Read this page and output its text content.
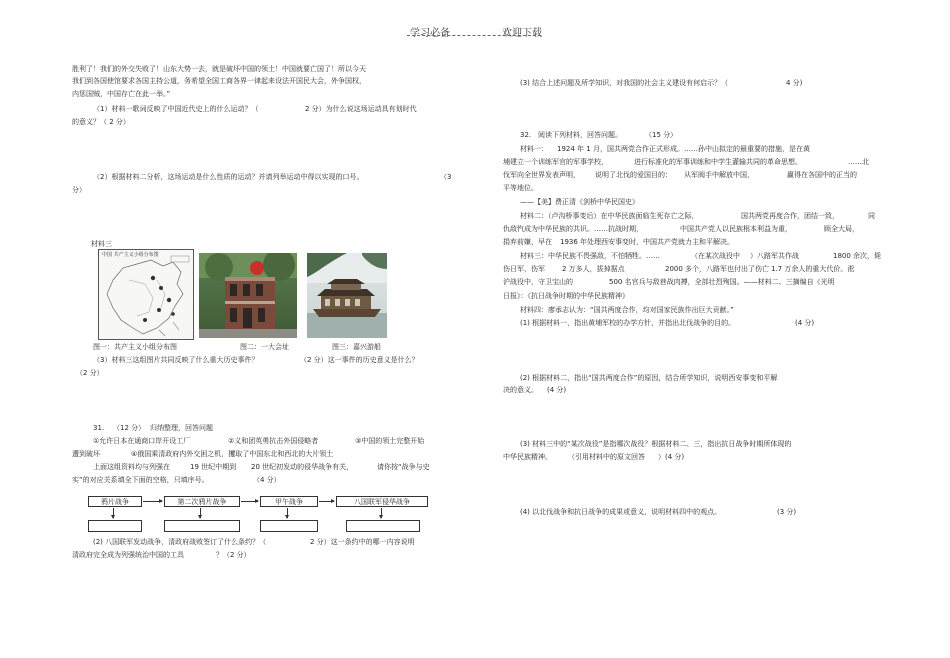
学习必备	欢迎下载
胜利了！我们的外交失败了！山东大势一去，就是破坏中国的领土！中国就要亡国了！所以今天
我们到各国使馆要求各国主持公道，务希望全国工商各界一律起来设法开国民大会，外争国权，
内惩国贼，中国存亡在此一举。”
（1）材料一歌词反映了中国近代史上的什么运动？（	2 分）为什么说这场运动具有划时代
的意义？（ 2 分）
（2）根据材料二分析，这场运动是什么性质的运动？并请列举运动中得以实现的口号。	（3
分）
材料三
中国 共产主义小组分布图
图一：共产主义小组分布图	图二：一大会址	图三：嘉兴游船
（3）材料三这组图片共同反映了什么重大历史事件？	（2 分）这一事件的历史意义是什么？
（2 分）
31. （12 分） 归纳整理，回答问题
①允许日本在通商口岸开设工厂	②义和团英勇抗击外国侵略者	③中国的领土完整开始
遭到破坏	④俄国乘清政府内外交困之机，攫取了中国东北和西北的大片领土
上面这组资料均与列强在	19 世纪中期到 20 世纪初发动的侵华战争有关，	请你按“战争与史
实”的对应关系填全下面的空格，只填序号。	（4 分）
鸦片战争	第二次鸦片战争	甲午战争	八国联军侵华战争
(2) 八国联军发动战争，清政府战败签订了什么条约？（	2 分）这一条约中的哪一内容说明
清政府完全成为列强统治中国的工具	？（2 分）
(3) 结合上述问题及所学知识，对我国的社会主义建设有何启示？（	4 分)
32. 阅读下列材料，回答问题。	（15 分）
材料一： 1924 年 1 月，国共两党合作正式形成。……孙中山拟定的最重要的措施，是在黄
埔建立一个训练军官的军事学校，	进行标准化的军事训练和中学生灌输共同的革命思想。	……北
伐军向全世界发表声明， 说明了北伐的爱国目的： 从军阀手中解放中国，	赢得在各国中的正当的
平等地位。
——【美】费正清《剑桥中华民国史》
材料二：（卢沟桥事变后）在中华民族面临生死存亡之际，	国共两党再度合作，团结一致，	同
仇敌忾成为中华民族的共识。……抗战时期，	中国共产党人以民族根本利益为重，	顾全大局，
捐弃前嫌，早在 1936 年处理西安事变时，中国共产党就力主和平解决。
材料三：中华民族不畏强敌，不怕牺牲。……	（在某次战役中 ）八路军共作战	1800 余次，毙
伤日军，伤军 2 万多人，拔掉据点	2000 多个，八路军也付出了伤亡 1.7 万余人的重大代价。淞
沪战役中，守卫宝山的	500 名官兵与敌巷战肉搏，全部壮烈殉国。——材料二、三摘编自《光明
日报》：《抗日战争时期的中华民族精神》
材料四：廖承志认为：“国共两度合作，均对国家民族作出巨大贡献。”
(1) 根据材料一，指出黄埔军校的办学方针，并指出北伐战争的目的。	(4 分)
(2) 根据材料二，指出“国共两度合作”的原因，结合所学知识，说明西安事变和平解
决的意义。 (4 分)
(3) 材料三中的“某次战役”是指哪次战役？根据材料二、三，指出抗日战争时期所体现的
中华民族精神。 （引用材料中的原文回答 ）(4 分)
(4) 以北伐战争和抗日战争的成果或意义，说明材料四中的观点。	(3 分)
